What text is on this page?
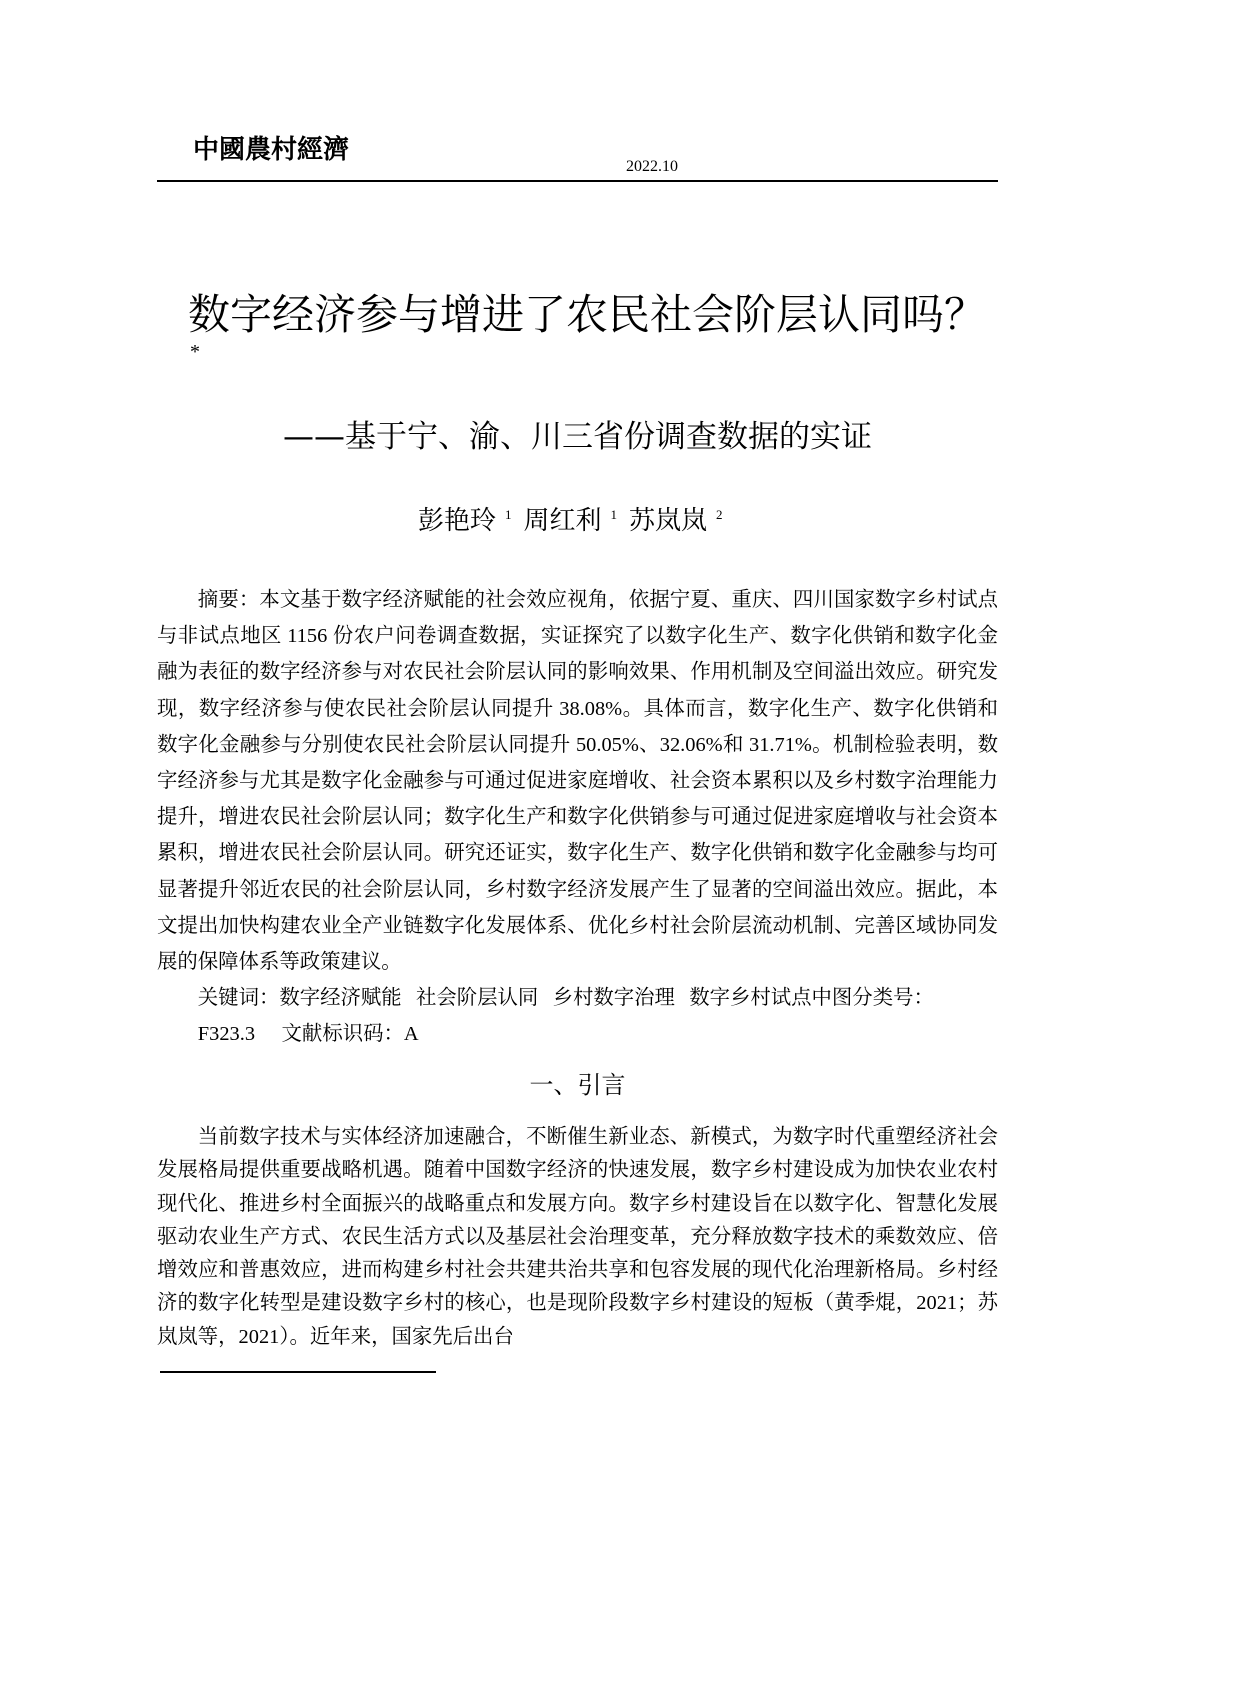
中國農村經濟
2022.10
数字经济参与增进了农民社会阶层认同吗？
*
——基于宁、渝、川三省份调查数据的实证
彭艳玲 $^1$ 周红利 $^1$ 苏岚岚 $^2$
摘要：本文基于数字经济赋能的社会效应视角，依据宁夏、重庆、四川国家数字乡村试点
与非试点地区 1156 份农户问卷调查数据，实证探究了以数字化生产、数字化供销和数字化金
融为表征的数字经济参与对农民社会阶层认同的影响效果、作用机制及空间溢出效应。研究发
现，数字经济参与使农民社会阶层认同提升 38.08%。具体而言，数字化生产、数字化供销和
数字化金融参与分别使农民社会阶层认同提升 50.05%、32.06%和 31.71%。机制检验表明，数
字经济参与尤其是数字化金融参与可通过促进家庭增收、社会资本累积以及乡村数字治理能力
提升，增进农民社会阶层认同；数字化生产和数字化供销参与可通过促进家庭增收与社会资本
累积，增进农民社会阶层认同。研究还证实，数字化生产、数字化供销和数字化金融参与均可
显著提升邻近农民的社会阶层认同，乡村数字经济发展产生了显著的空间溢出效应。据此，本
文提出加快构建农业全产业链数字化发展体系、优化乡村社会阶层流动机制、完善区域协同发
展的保障体系等政策建议。
关键词：数字经济赋能 社会阶层认同 乡村数字治理 数字乡村试点中图分类号：
F323.3 文献标识码：A
一、引言
当前数字技术与实体经济加速融合，不断催生新业态、新模式，为数字时代重塑经济社会
发展格局提供重要战略机遇。随着中国数字经济的快速发展，数字乡村建设成为加快农业农村
现代化、推进乡村全面振兴的战略重点和发展方向。数字乡村建设旨在以数字化、智慧化发展
驱动农业生产方式、农民生活方式以及基层社会治理变革，充分释放数字技术的乘数效应、倍
增效应和普惠效应，进而构建乡村社会共建共治共享和包容发展的现代化治理新格局。乡村经
济的数字化转型是建设数字乡村的核心，也是现阶段数字乡村建设的短板（黄季焜，2021；苏
岚岚等，2021）。近年来，国家先后出台
